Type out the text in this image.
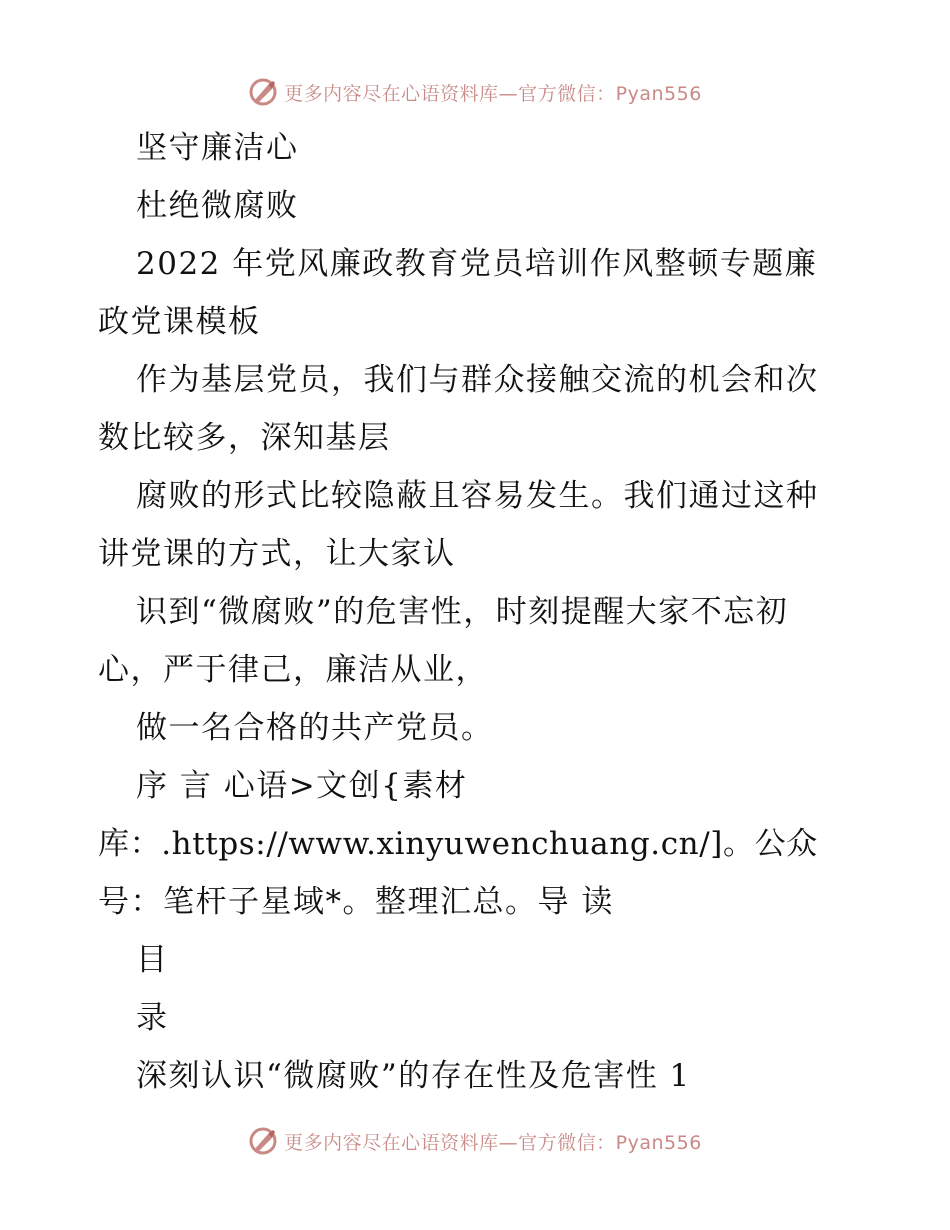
更多内容尽在心语资料库—官方微信：Pyan556
坚守廉洁心
杜绝微腐败
2022 年党风廉政教育党员培训作风整顿专题廉
政党课模板
作为基层党员，我们与群众接触交流的机会和次
数比较多，深知基层
腐败的形式比较隐蔽且容易发生。我们通过这种
讲党课的方式，让大家认
识到“微腐败”的危害性，时刻提醒大家不忘初
心，严于律己，廉洁从业，
做一名合格的共产党员。
序 言 心语>文创{素材
库：.https://www.xinyuwenchuang.cn/]。公众
号：笔杆子星域*。整理汇总。导 读
目
录
深刻认识“微腐败”的存在性及危害性 1
更多内容尽在心语资料库—官方微信：Pyan556
